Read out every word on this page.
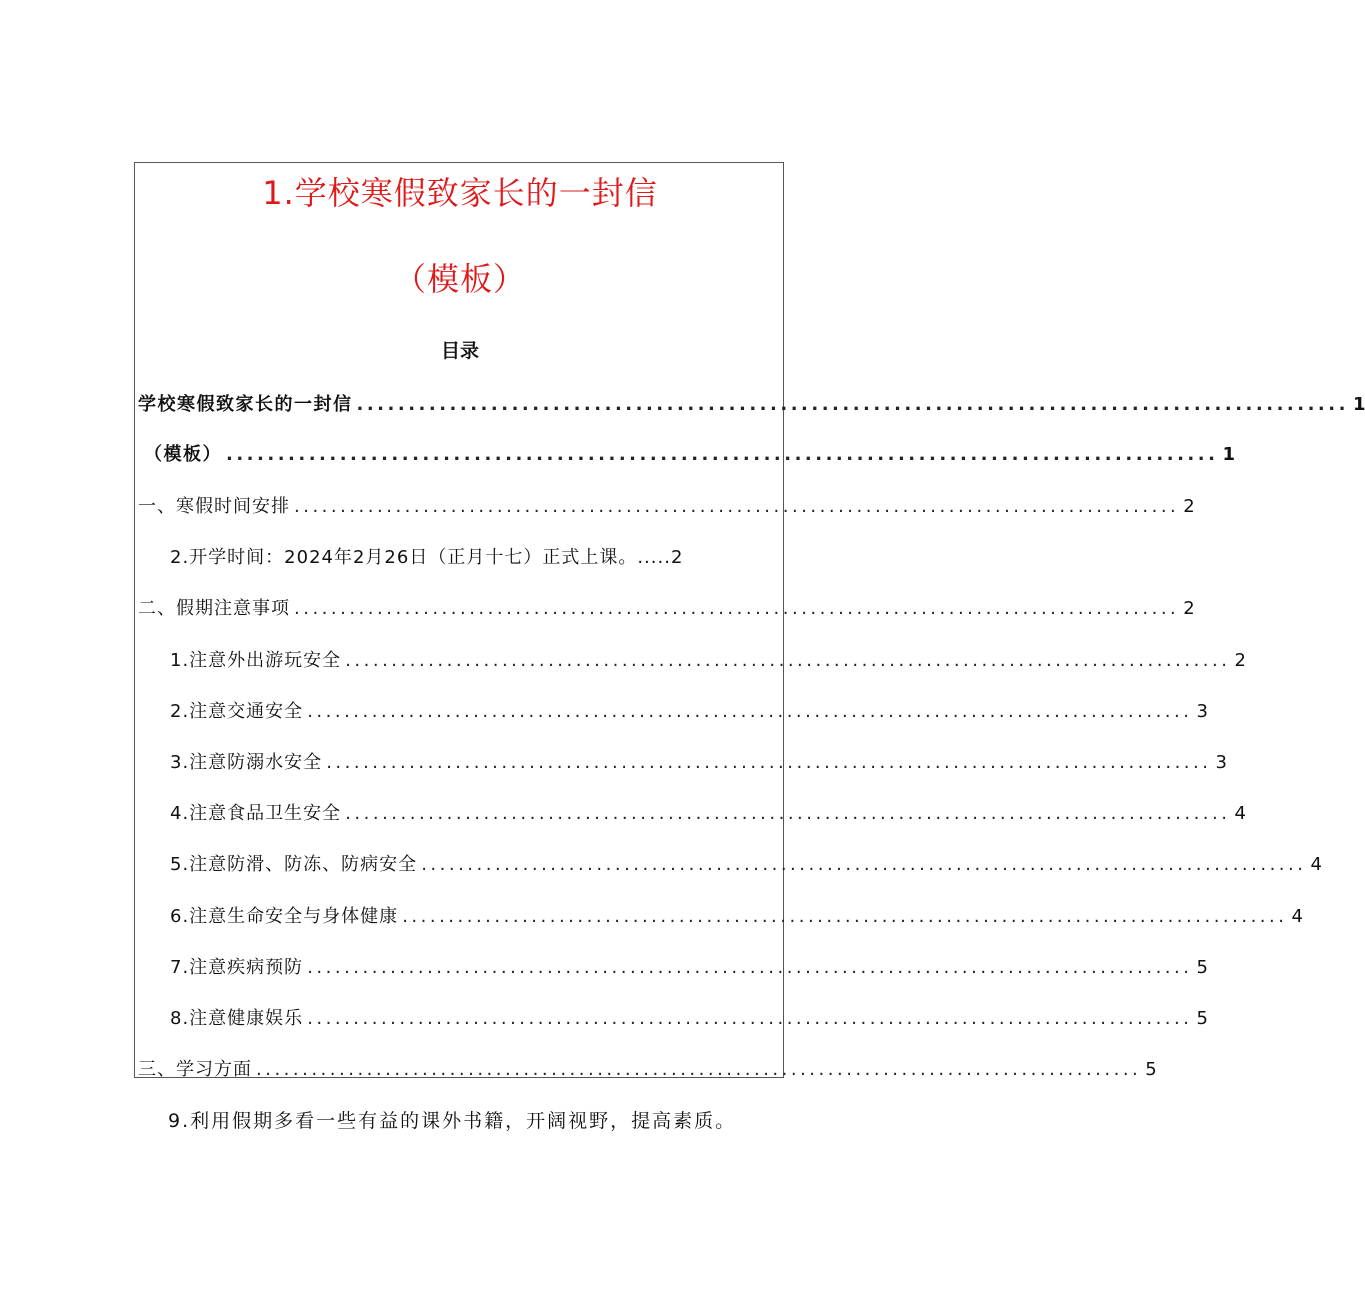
1.学校寒假致家长的一封信
（模板）
目录
学校寒假致家长的一封信 ................................................................................................ 1
（模板） ................................................................................................ 1
一、寒假时间安排 ................................................................................................ 2
2.开学时间：2024年2月26日（正月十七）正式上课。.....2
二、假期注意事项 ................................................................................................ 2
1.注意外出游玩安全 ................................................................................................ 2
2.注意交通安全 ................................................................................................ 3
3.注意防溺水安全 ................................................................................................ 3
4.注意食品卫生安全 ................................................................................................ 4
5.注意防滑、防冻、防病安全 ................................................................................................ 4
6.注意生命安全与身体健康 ................................................................................................ 4
7.注意疾病预防 ................................................................................................ 5
8.注意健康娱乐 ................................................................................................ 5
三、学习方面 ................................................................................................ 5
9.利用假期多看一些有益的课外书籍，开阔视野，提高素质。
